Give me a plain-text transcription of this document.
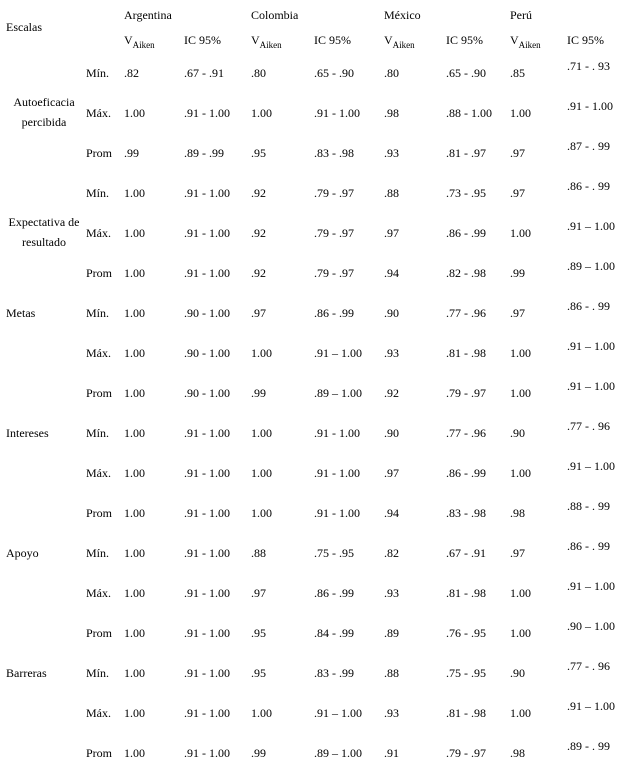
Escalas
Argentina	Colombia	México	Perú
$V_{Aiken}$ IC 95%	$V_{Aiken}$	IC 95%	$V_{Aiken}$	IC 95% $V_{Aiken}$ IC 95%
Autoeficacia percibida
Mín. .82	.67 - .91 .80	.65 - .90	.80	.65 - .90 .85	.71 - . 93
Máx. 1.00	.91 - 1.00 1.00	.91 - 1.00 .98	.88 - 1.00 1.00	.91 - 1.00
Prom .99	.89 - .99 .95	.83 - .98	.93	.81 - .97 .97	.87 - . 99
Expectativa de resultado
Mín. 1.00	.91 - 1.00 .92	.79 - .97	.88	.73 - .95 .97	.86 - . 99
Máx. 1.00	.91 - 1.00 .92	.79 - .97	.97	.86 - .99 1.00	.91 – 1.00
Prom 1.00	.91 - 1.00 .92	.79 - .97	.94	.82 - .98 .99	.89 – 1.00
Metas	Mín. 1.00	.90 - 1.00 .97	.86 - .99	.90	.77 - .96 .97	.86 - . 99
Máx. 1.00	.90 - 1.00 1.00	.91 – 1.00 .93	.81 - .98 1.00	.91 – 1.00
Prom 1.00	.90 - 1.00 .99	.89 – 1.00 .92	.79 - .97 1.00	.91 – 1.00
Intereses	Mín. 1.00	.91 - 1.00 1.00	.91 - 1.00 .90	.77 - .96 .90	.77 - . 96
Máx. 1.00	.91 - 1.00 1.00	.91 - 1.00 .97	.86 - .99 1.00	.91 – 1.00
Prom 1.00	.91 - 1.00 1.00	.91 - 1.00 .94	.83 - .98 .98	.88 - . 99
Apoyo	Mín. 1.00	.91 - 1.00 .88	.75 - .95	.82	.67 - .91 .97	.86 - . 99
Máx. 1.00	.91 - 1.00 .97	.86 - .99	.93	.81 - .98 1.00	.91 – 1.00
Prom 1.00	.91 - 1.00 .95	.84 - .99	.89	.76 - .95 1.00	.90 – 1.00
Barreras	Mín. 1.00	.91 - 1.00 .95	.83 - .99	.88	.75 - .95 .90	.77 - . 96
Máx. 1.00	.91 - 1.00 1.00	.91 – 1.00 .93	.81 - .98 1.00	.91 – 1.00
Prom 1.00	.91 - 1.00 .99	.89 – 1.00 .91	.79 - .97 .98	.89 - . 99
